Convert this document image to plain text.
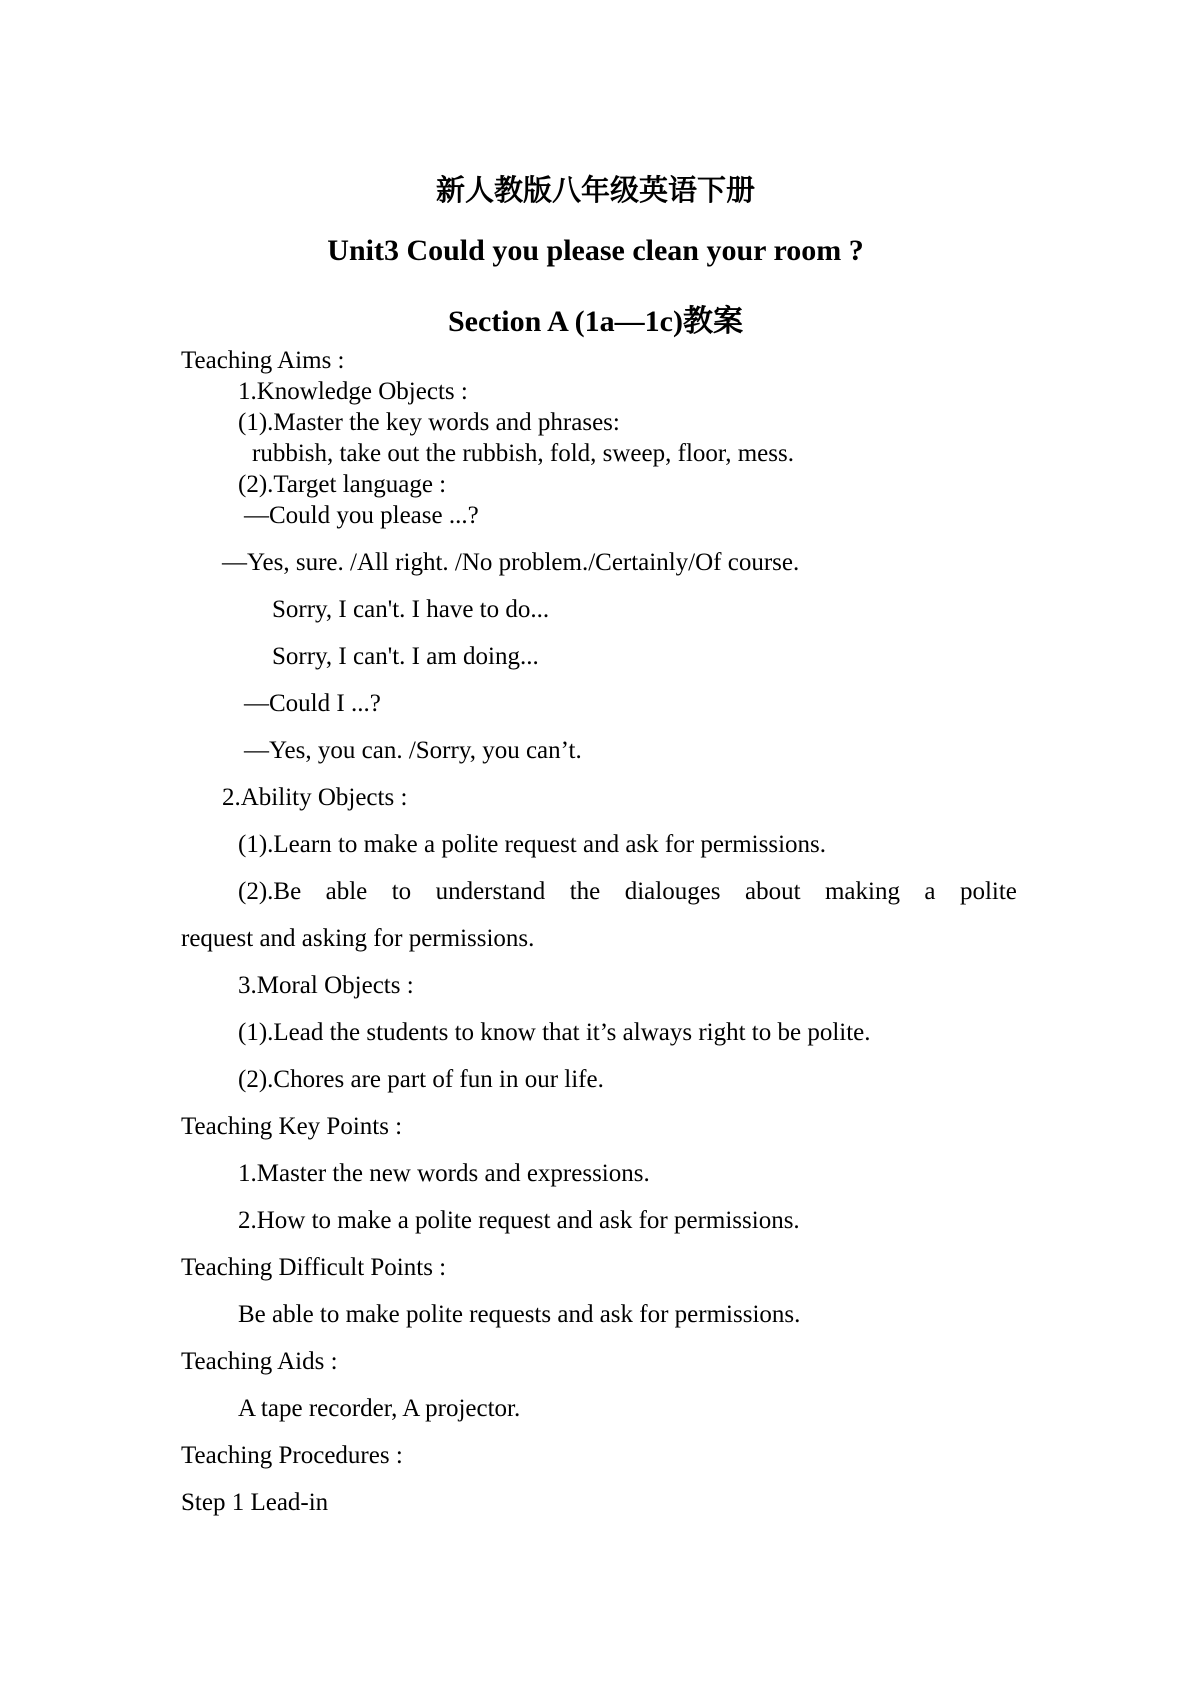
新人教版八年级英语下册
Unit3 Could you please clean your room ?
Section A (1a—1c)教案
Teaching Aims :
1.Knowledge Objects :
(1).Master the key words and phrases:
rubbish, take out the rubbish, fold, sweep, floor, mess.
(2).Target language :
—Could you please ...?
—Yes, sure. /All right. /No problem./Certainly/Of course.
Sorry, I can't. I have to do...
Sorry, I can't. I am doing...
—Could I ...?
—Yes, you can. /Sorry, you can’t.
2.Ability Objects :
(1).Learn to make a polite request and ask for permissions.
(2).Be able to understand the dialouges about making a polite
request and asking for permissions.
3.Moral Objects :
(1).Lead the students to know that it’s always right to be polite.
(2).Chores are part of fun in our life.
Teaching Key Points :
1.Master the new words and expressions.
2.How to make a polite request and ask for permissions.
Teaching Difficult Points :
Be able to make polite requests and ask for permissions.
Teaching Aids :
A tape recorder, A projector.
Teaching Procedures :
Step 1 Lead-in
